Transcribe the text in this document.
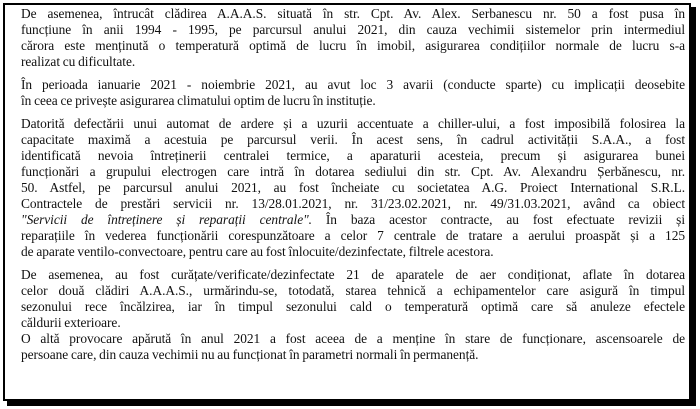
De asemenea, întrucât clădirea A.A.A.S. situată în str. Cpt. Av. Alex. Serbanescu nr. 50 a fost pusa în
funcțiune în anii 1994 - 1995, pe parcursul anului 2021, din cauza vechimii sistemelor prin intermediul
cărora este menținută o temperatură optimă de lucru în imobil, asigurarea condițiilor normale de lucru s-a
realizat cu dificultate.
În perioada ianuarie 2021 - noiembrie 2021, au avut loc 3 avarii (conducte sparte) cu implicații deosebite
în ceea ce privește asigurarea climatului optim de lucru în instituție.
Datorită defectării unui automat de ardere și a uzurii accentuate a chiller-ului, a fost imposibilă folosirea la
capacitate maximă a acestuia pe parcursul verii. În acest sens, în cadrul activității S.A.A., a fost
identificată nevoia întreținerii centralei termice, a aparaturii acesteia, precum și asigurarea bunei
funcționări a grupului electrogen care intră în dotarea sediului din str. Cpt. Av. Alexandru Șerbănescu, nr.
50. Astfel, pe parcursul anului 2021, au fost încheiate cu societatea A.G. Proiect International S.R.L.
Contractele de prestări servicii nr. 13/28.01.2021, nr. 31/23.02.2021, nr. 49/31.03.2021, având ca obiect
"Servicii de întreținere și reparații centrale". În baza acestor contracte, au fost efectuate revizii și
reparațiile în vederea funcționării corespunzătoare a celor 7 centrale de tratare a aerului proaspăt și a 125
de aparate ventilo-convectoare, pentru care au fost înlocuite/dezinfectate, filtrele acestora.
De asemenea, au fost curățate/verificate/dezinfectate 21 de aparatele de aer condiționat, aflate în dotarea
celor două clădiri A.A.A.S., urmărindu-se, totodată, starea tehnică a echipamentelor care asigură în timpul
sezonului rece încălzirea, iar în timpul sezonului cald o temperatură optimă care să anuleze efectele
căldurii exterioare.
O altă provocare apărută în anul 2021 a fost aceea de a menține în stare de funcționare, ascensoarele de
persoane care, din cauza vechimii nu au funcționat în parametri normali în permanență.
